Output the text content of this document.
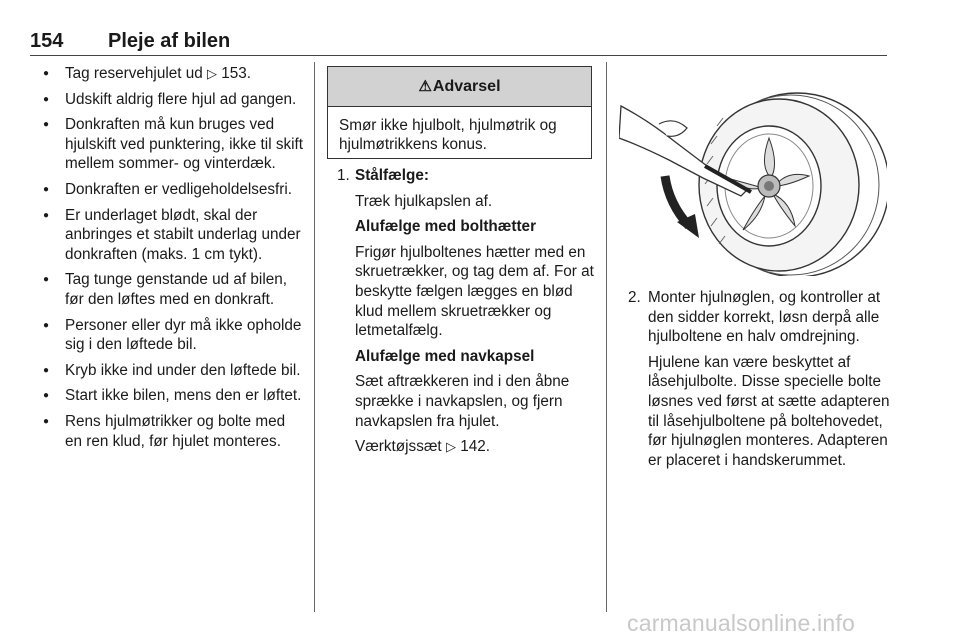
154 Pleje af bilen
● Tag reservehjulet ud ▷ 153.
● Udskift aldrig flere hjul ad gangen.
● Donkraften må kun bruges ved hjulskift ved punktering, ikke til skift mellem sommer- og vinterdæk.
● Donkraften er vedligeholdelsesfri.
● Er underlaget blødt, skal der anbringes et stabilt underlag under donkraften (maks. 1 cm tykt).
● Tag tunge genstande ud af bilen, før den løftes med en donkraft.
● Personer eller dyr må ikke opholde sig i den løftede bil.
● Kryb ikke ind under den løftede bil.
● Start ikke bilen, mens den er løftet.
● Rens hjulmøtrikker og bolte med en ren klud, før hjulet monteres.
⚠Advarsel
Smør ikke hjulbolt, hjulmøtrik og hjulmøtrikkens konus.
1. Stålfælge:

Træk hjulkapslen af.

Alufælge med bolthætter

Frigør hjulboltenes hætter med en skruetrækker, og tag dem af. For at beskytte fælgen lægges en blød klud mellem skruetrækker og letmetalfælg.

Alufælge med navkapsel

Sæt aftrækkeren ind i den åbne sprække i navkapslen, og fjern navkapslen fra hjulet.

Værktøjssæt ▷ 142.

2. Monter hjulnøglen, og kontroller at den sidder korrekt, løsn derpå alle hjulboltene en halv omdrejning.

Hjulene kan være beskyttet af låsehjulbolte. Disse specielle bolte løsnes ved først at sætte adapteren til låsehjulboltene på boltehovedet, før hjulnøglen monteres. Adapteren er placeret i handskerummet.

carmanualsonline.info
